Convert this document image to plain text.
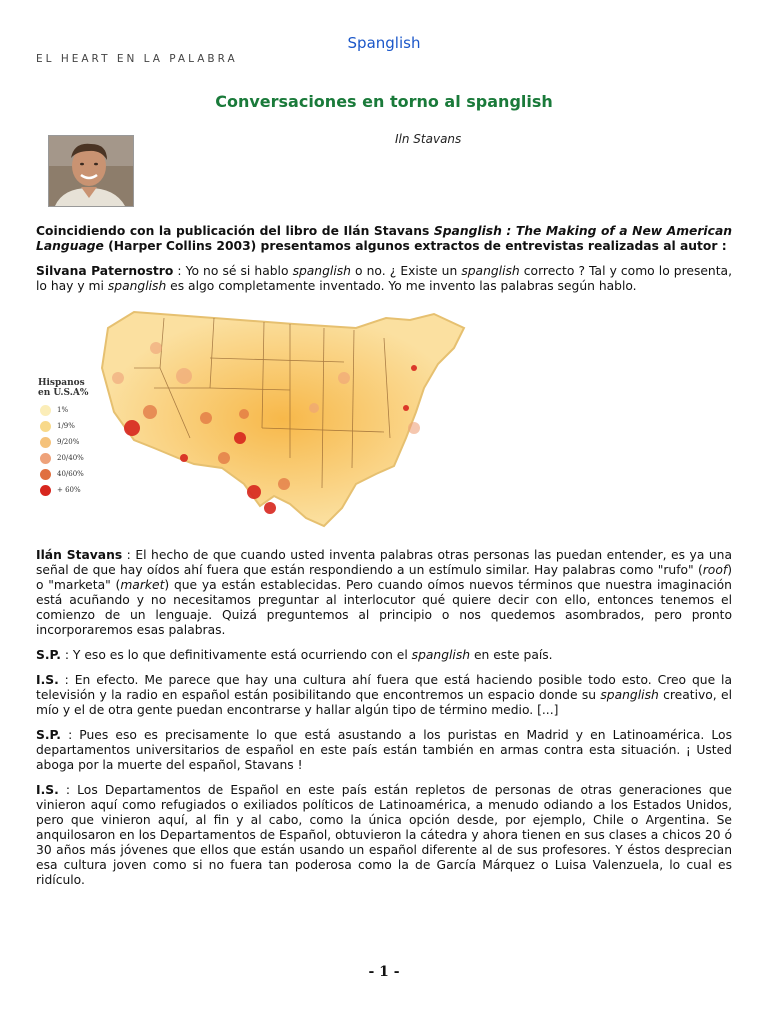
Spanglish
EL HEART EN LA PALABRA
Conversaciones en torno al spanglish
Iln Stavans

Coincidiendo con la publicación del libro de Ilán Stavans Spanglish : The Making of a New American Language (Harper Collins 2003) presentamos algunos extractos de entrevistas realizadas al autor :

Silvana Paternostro : Yo no sé si hablo spanglish o no. ¿ Existe un spanglish correcto ? Tal y como lo presenta, lo hay y mi spanglish es algo completamente inventado. Yo me invento las palabras según hablo.

Hispanos
en U.S.A%
1%
1/9%
9/20%
20/40%
40/60%
+ 60%

Ilán Stavans : El hecho de que cuando usted inventa palabras otras personas las puedan entender, es ya una señal de que hay oídos ahí fuera que están respondiendo a un estímulo similar. Hay palabras como "rufo" (roof) o "marketa" (market) que ya están establecidas. Pero cuando oímos nuevos términos que nuestra imaginación está acuñando y no necesitamos preguntar al interlocutor qué quiere decir con ello, entonces tenemos el comienzo de un lenguaje. Quizá preguntemos al principio o nos quedemos asombrados, pero pronto incorporaremos esas palabras.

S.P. : Y eso es lo que definitivamente está ocurriendo con el spanglish en este país.

I.S. : En efecto. Me parece que hay una cultura ahí fuera que está haciendo posible todo esto. Creo que la televisión y la radio en español están posibilitando que encontremos un espacio donde su spanglish creativo, el mío y el de otra gente puedan encontrarse y hallar algún tipo de término medio. [...]

S.P. : Pues eso es precisamente lo que está asustando a los puristas en Madrid y en Latinoamérica. Los departamentos universitarios de español en este país están también en armas contra esta situación. ¡ Usted aboga por la muerte del español, Stavans !

I.S. : Los Departamentos de Español en este país están repletos de personas de otras generaciones que vinieron aquí como refugiados o exiliados políticos de Latinoamérica, a menudo odiando a los Estados Unidos, pero que vinieron aquí, al fin y al cabo, como la única opción desde, por ejemplo, Chile o Argentina. Se anquilosaron en los Departamentos de Español, obtuvieron la cátedra y ahora tienen en sus clases a chicos 20 ó 30 años más jóvenes que ellos que están usando un español diferente al de sus profesores. Y éstos desprecian esa cultura joven como si no fuera tan poderosa como la de García Márquez o Luisa Valenzuela, lo cual es ridículo.

- 1 -
